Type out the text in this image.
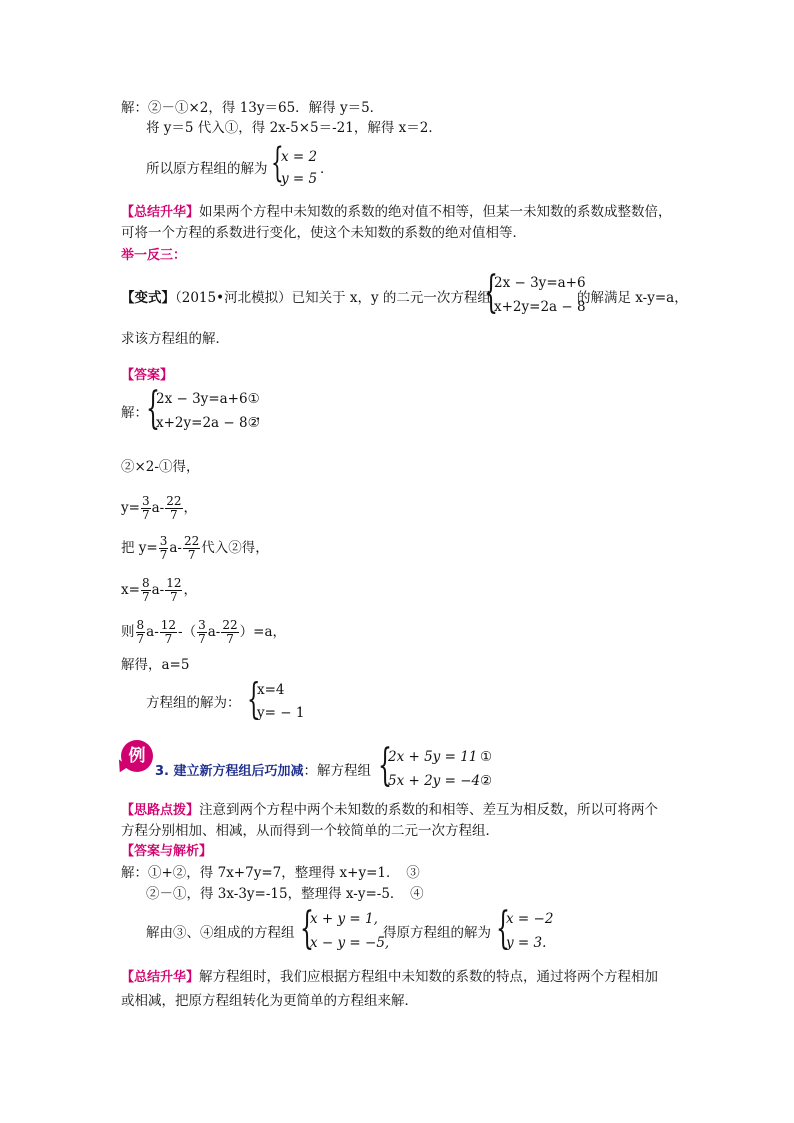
解：②－①×2，得 13y＝65．解得 y＝5．
将 y＝5 代入①，得 2x-5×5＝-21，解得 x＝2．
所以原方程组的解为 {
x = 2
y = 5
．
【总结升华】如果两个方程中未知数的系数的绝对值不相等，但某一未知数的系数成整数倍，
可将一个方程的系数进行变化，使这个未知数的系数的绝对值相等．
举一反三：
【变式】（2015•河北模拟）已知关于 x，y 的二元一次方程组
{
2x − 3y=a+6
x+2y=2a − 8
的解满足 x-y=a，
求该方程组的解．
【答案】
解：
{
2x − 3y=a+6①
x+2y=2a − 8②
，
②×2-①得，
$y= \frac{3}{7} a- \frac{22}{7}$ ，
把 $y= \frac{3}{7} a- \frac{22}{7}$ 代入②得，
$x= \frac{8}{7} a- \frac{12}{7}$ ，
则 $\frac{8}{7} a- \frac{12}{7}$ -（ $\frac{3}{7} a- \frac{22}{7} )=a$，
解得，a=5
方程组的解为： {
x=4
y= − 1
．
例
3. 建立新方程组后巧加减：解方程组 {
2x + 5y = 11
5x + 2y = −4
①
②
【思路点拨】注意到两个方程中两个未知数的系数的和相等、差互为相反数，所以可将两个
方程分别相加、相减，从而得到一个较简单的二元一次方程组．
【答案与解析】
解：①+②，得 7x+7y=7，整理得 x+y=1．　③
②－①，得 3x-3y=-15，整理得 x-y=-5．　④
解由③、④组成的方程组 {
x + y = 1,
x − y = −5,
得原方程组的解为 {
x = −2
y = 3.
【总结升华】解方程组时，我们应根据方程组中未知数的系数的特点，通过将两个方程相加
或相减，把原方程组转化为更简单的方程组来解．
